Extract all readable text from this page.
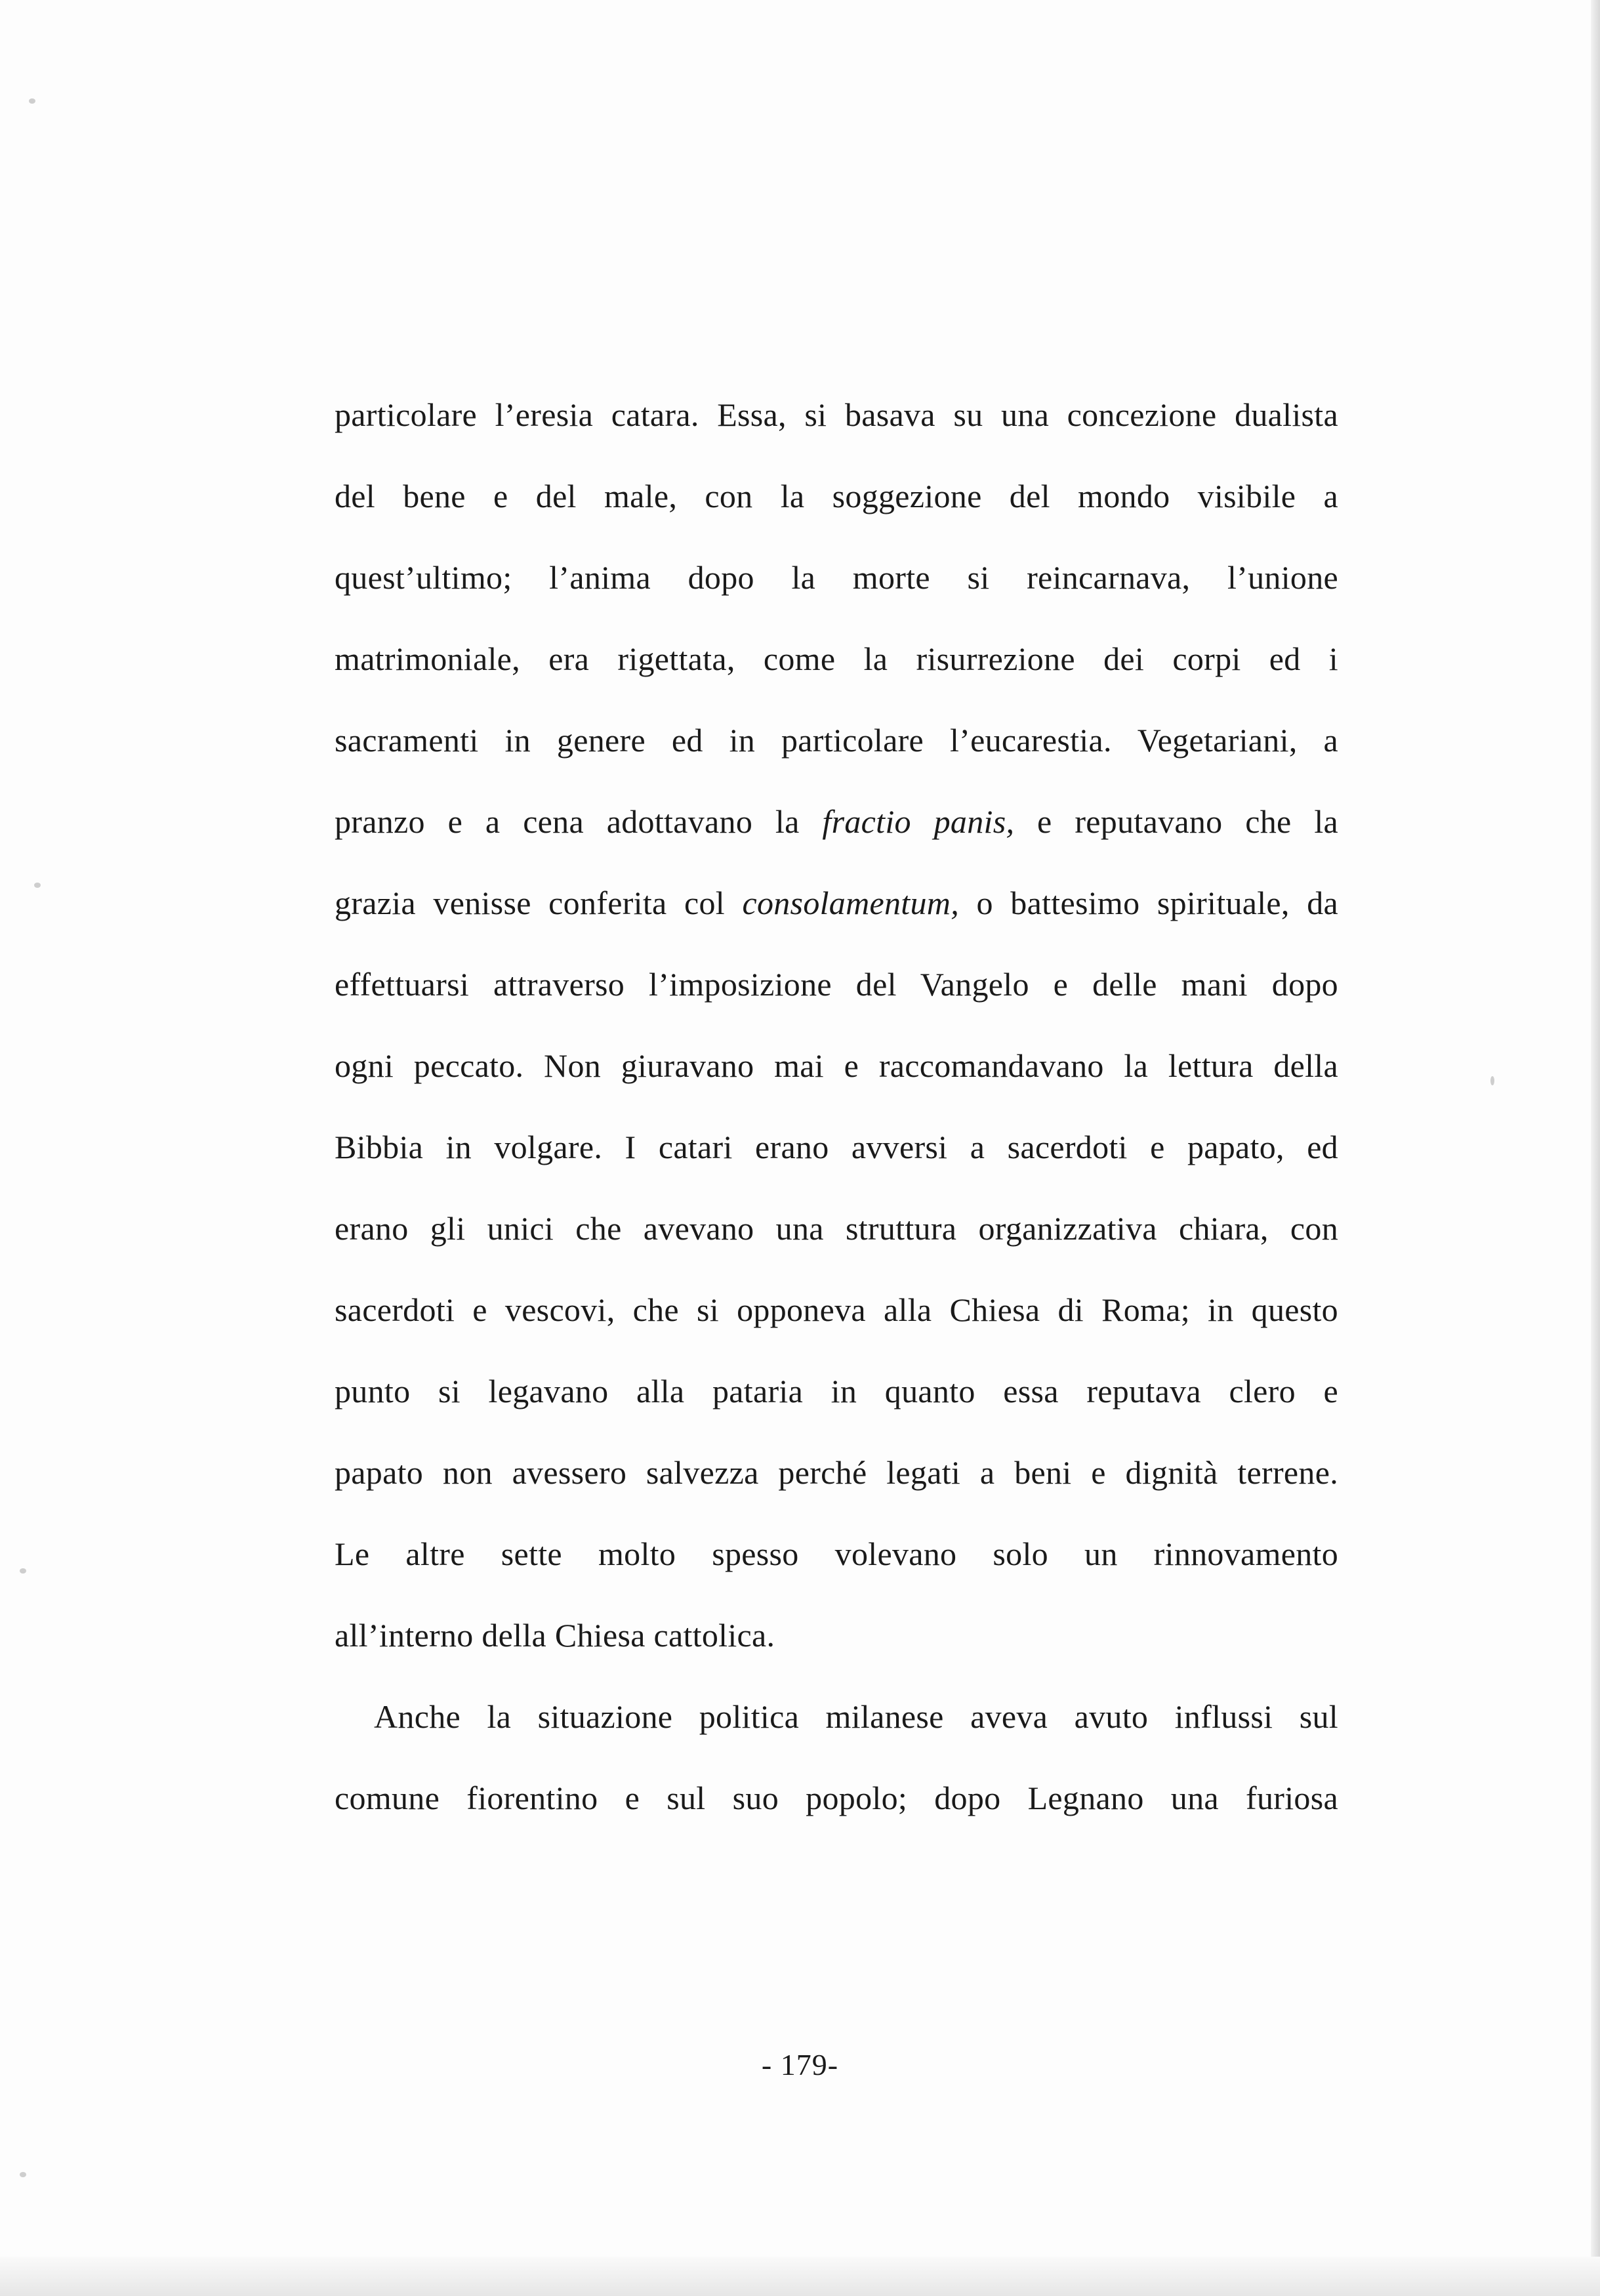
particolare l’eresia catara. Essa, si basava su una concezione dualista
del bene e del male, con la soggezione del mondo visibile a
quest’ultimo; l’anima dopo la morte si reincarnava, l’unione
matrimoniale, era rigettata, come la risurrezione dei corpi ed i
sacramenti in genere ed in particolare l’eucarestia. Vegetariani, a
pranzo e a cena adottavano la fractio panis, e reputavano che la
grazia venisse conferita col consolamentum, o battesimo spirituale, da
effettuarsi attraverso l’imposizione del Vangelo e delle mani dopo
ogni peccato. Non giuravano mai e raccomandavano la lettura della
Bibbia in volgare. I catari erano avversi a sacerdoti e papato, ed
erano gli unici che avevano una struttura organizzativa chiara, con
sacerdoti e vescovi, che si opponeva alla Chiesa di Roma; in questo
punto si legavano alla pataria in quanto essa reputava clero e
papato non avessero salvezza perché legati a beni e dignità terrene.
Le altre sette molto spesso volevano solo un rinnovamento
all’interno della Chiesa cattolica.
Anche la situazione politica milanese aveva avuto influssi sul
comune fiorentino e sul suo popolo; dopo Legnano una furiosa
- 179-
